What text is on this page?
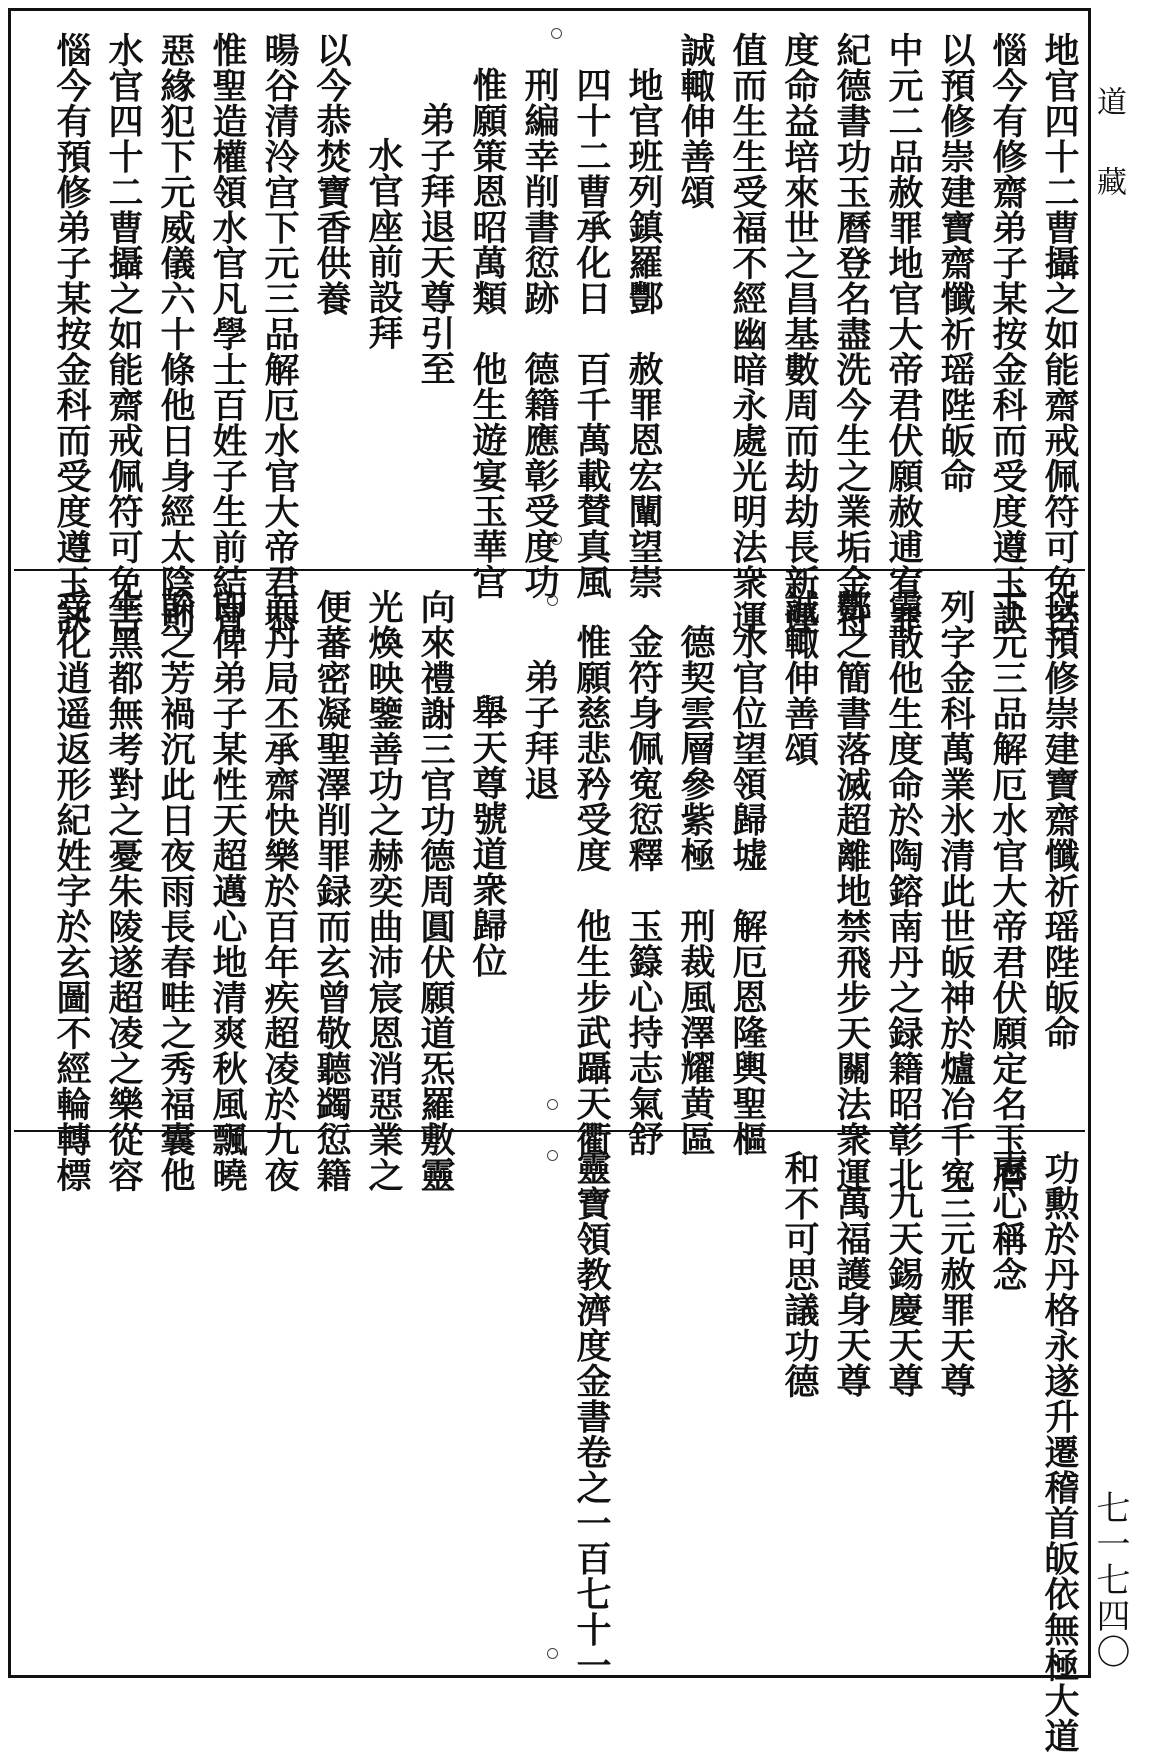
道藏
七一七四〇
地官四十二曹攝之如能齋戒佩符可免苦
惱今有修齋弟子某按金科而受度遵玉訣
以預修崇建寶齋懺祈瑶陛皈命
中元二品赦罪地官大帝君伏願赦逋宥罪
紀德書功玉曆登名盡洗今生之業垢金符
度命益培來世之昌基數周而劫劫長新運
值而生生受福不經幽暗永處光明法衆運
誠輙伸善頌
地官班列鎮羅酆　赦罪恩宏闡望崇
四十二曹承化日　百千萬載賛真風
刑編幸削書愆跡　德籍應彰受度功
惟願䇿恩昭萬類　他生遊宴玉華宫
弟子拜退天尊引至
水官座前設拜
以今恭焚寶香供養
暘谷清泠宫下元三品解厄水官大帝君恭
惟聖造權領水官凡學士百姓子生前結冒
惡緣犯下元威儀六十條他日身經太陰則
水官四十二曹攝之如能齋戒佩符可免苦
惱今有預修弟子某按金科而受度遵玉訣
以預修崇建寶齋懺祈瑶陛皈命
下元三品解厄水官大帝君伏願定名玉曆
列字金科萬業氷清此世皈神於爐冶千寃
雲散他生度命於陶鎔南丹之録籍昭彰北
酆之簡書落滅超離地禁飛步天關法衆運
誠輙伸善頌
水官位望領歸墟　解厄恩隆輿聖樞
德契雲層參紫極　刑裁風澤耀黄區
金符身佩寃愆釋　玉籙心持志氣舒
惟願慈悲矜受度　他生步武躡天衢
弟子拜退
舉天尊號道衆歸位
向來禮謝三官功德周圓伏願道炁羅敷靈
光煥映鑒善功之赫奕曲沛宸恩消惡業之
便蕃密凝聖澤削罪録而玄曾敬聽蠲愆籍
而丹局丕承齋快樂於百年疾超凌於九夜
即俾弟子某性天超邁心地清爽秋風飄曉
榦之芳禍沉此日夜雨長春畦之秀福囊他
生黑都無考對之憂朱陵遂超凌之樂從容
受化逍遥返形紀姓字於玄圖不經輪轉標
功勲於丹格永遂升遷稽首皈依無極大道
志心稱念
三元赦罪天尊
九天錫慶天尊
萬福護身天尊
和不可思議功德
靈寶領教濟度金書卷之一百七十一
